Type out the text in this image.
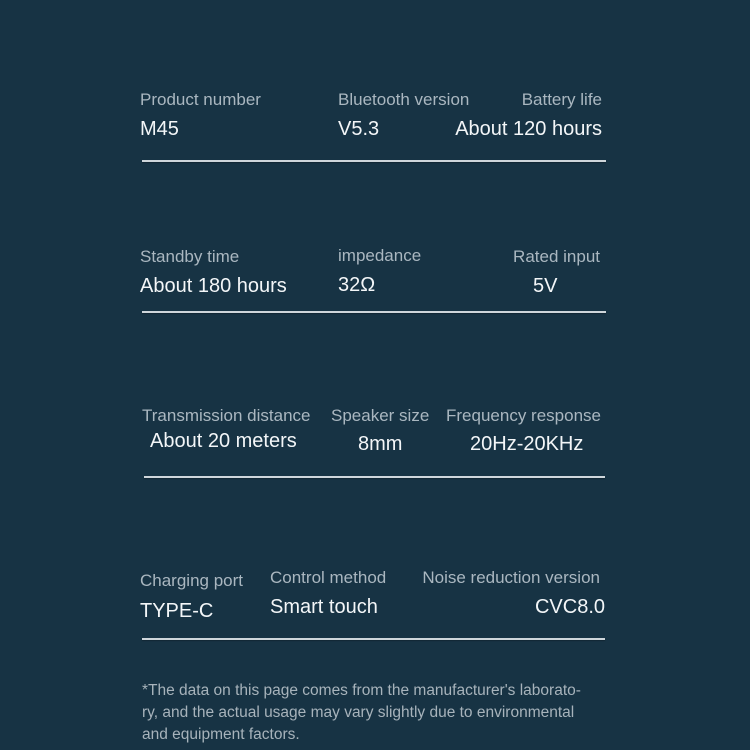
Product number
M45
Bluetooth version
V5.3
Battery life
About 120 hours
Standby time
About 180 hours
impedance
32Ω
Rated input
5V
Transmission distance
About 20 meters
Speaker size
8mm
Frequency response
20Hz-20KHz
Charging port
TYPE-C
Control method
Smart touch
Noise reduction version
CVC8.0
*The data on this page comes from the manufacturer's laborato-
ry, and the actual usage may vary slightly due to environmental
and equipment factors.
